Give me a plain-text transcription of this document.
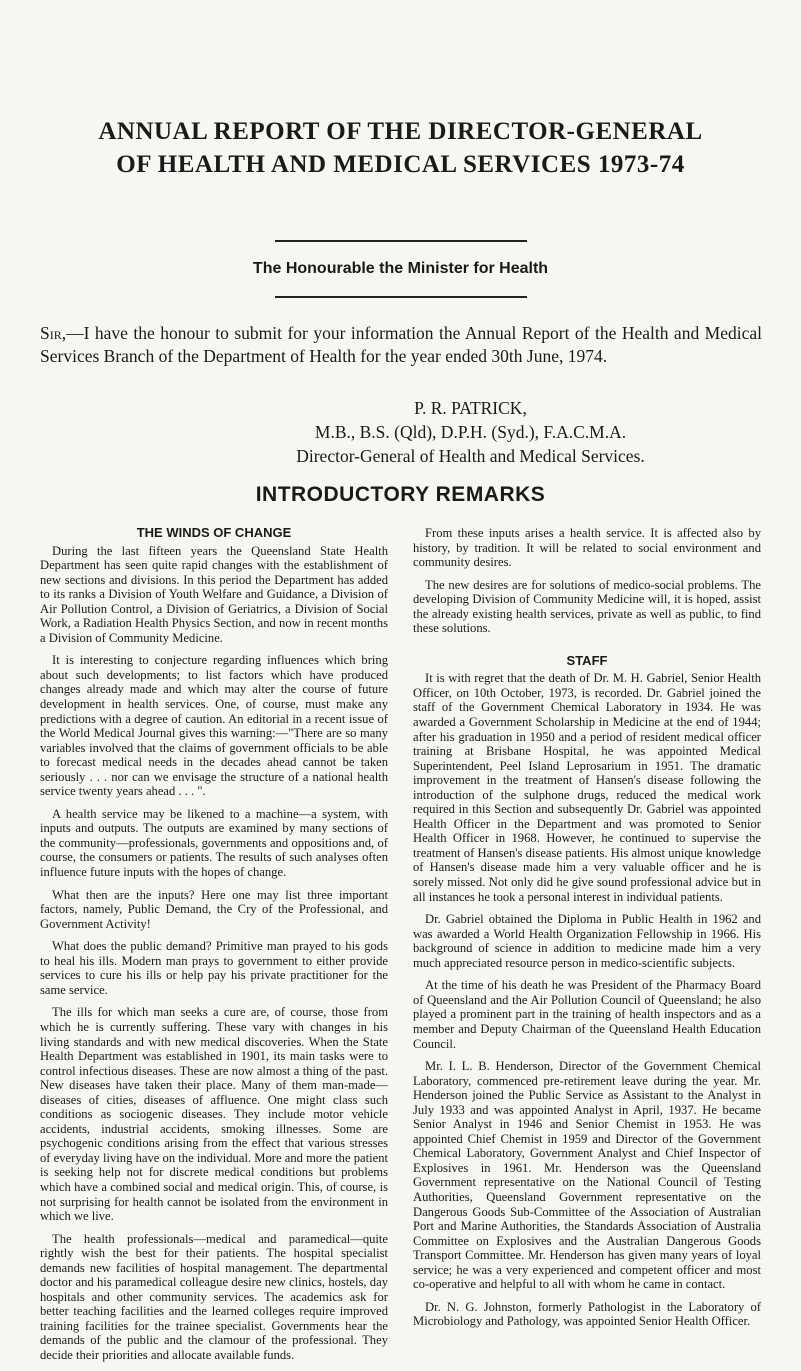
ANNUAL REPORT OF THE DIRECTOR-GENERAL
OF HEALTH AND MEDICAL SERVICES 1973-74

The Honourable the Minister for Health

Sir,—I have the honour to submit for your information the Annual Report of the Health and Medical Services Branch of the Department of Health for the year ended 30th June, 1974.

P. R. PATRICK,

M.B., B.S. (Qld), D.P.H. (Syd.), F.A.C.M.A.

Director-General of Health and Medical Services.

INTRODUCTORY REMARKS
THE WINDS OF CHANGE

During the last fifteen years the Queensland State Health Department has seen quite rapid changes with the establishment of new sections and divisions. In this period the Department has added to its ranks a Division of Youth Welfare and Guidance, a Division of Air Pollution Control, a Division of Geriatrics, a Division of Social Work, a Radiation Health Physics Section, and now in recent months a Division of Community Medicine.

It is interesting to conjecture regarding influences which bring about such developments; to list factors which have produced changes already made and which may alter the course of future development in health services. One, of course, must make any predictions with a degree of caution. An editorial in a recent issue of the World Medical Journal gives this warning:—"There are so many variables involved that the claims of government officials to be able to forecast medical needs in the decades ahead cannot be taken seriously . . . nor can we envisage the structure of a national health service twenty years ahead . . . ".

A health service may be likened to a machine—a system, with inputs and outputs. The outputs are examined by many sections of the community—professionals, governments and oppositions and, of course, the consumers or patients. The results of such analyses often influence future inputs with the hopes of change.

What then are the inputs? Here one may list three important factors, namely, Public Demand, the Cry of the Professional, and Government Activity!

What does the public demand? Primitive man prayed to his gods to heal his ills. Modern man prays to government to either provide services to cure his ills or help pay his private practitioner for the same service.

The ills for which man seeks a cure are, of course, those from which he is currently suffering. These vary with changes in his living standards and with new medical discoveries. When the State Health Department was established in 1901, its main tasks were to control infectious diseases. These are now almost a thing of the past. New diseases have taken their place. Many of them man-made—diseases of cities, diseases of affluence. One might class such conditions as sociogenic diseases. They include motor vehicle accidents, industrial accidents, smoking illnesses. Some are psychogenic conditions arising from the effect that various stresses of everyday living have on the individual. More and more the patient is seeking help not for discrete medical conditions but problems which have a combined social and medical origin. This, of course, is not surprising for health cannot be isolated from the environment in which we live.

The health professionals—medical and paramedical—quite rightly wish the best for their patients. The hospital specialist demands new facilities of hospital management. The departmental doctor and his paramedical colleague desire new clinics, hostels, day hospitals and other community services. The academics ask for better teaching facilities and the learned colleges require improved training facilities for the trainee specialist. Governments hear the demands of the public and the clamour of the professional. They decide their priorities and allocate available funds.

From these inputs arises a health service. It is affected also by history, by tradition. It will be related to social environment and community desires.

The new desires are for solutions of medico-social problems. The developing Division of Community Medicine will, it is hoped, assist the already existing health services, private as well as public, to find these solutions.

STAFF

It is with regret that the death of Dr. M. H. Gabriel, Senior Health Officer, on 10th October, 1973, is recorded. Dr. Gabriel joined the staff of the Government Chemical Laboratory in 1934. He was awarded a Government Scholarship in Medicine at the end of 1944; after his graduation in 1950 and a period of resident medical officer training at Brisbane Hospital, he was appointed Medical Superintendent, Peel Island Leprosarium in 1951. The dramatic improvement in the treatment of Hansen's disease following the introduction of the sulphone drugs, reduced the medical work required in this Section and subsequently Dr. Gabriel was appointed Health Officer in the Department and was promoted to Senior Health Officer in 1968. However, he continued to supervise the treatment of Hansen's disease patients. His almost unique knowledge of Hansen's disease made him a very valuable officer and he is sorely missed. Not only did he give sound professional advice but in all instances he took a personal interest in individual patients.

Dr. Gabriel obtained the Diploma in Public Health in 1962 and was awarded a World Health Organization Fellowship in 1966. His background of science in addition to medicine made him a very much appreciated resource person in medico-scientific subjects.

At the time of his death he was President of the Pharmacy Board of Queensland and the Air Pollution Council of Queensland; he also played a prominent part in the training of health inspectors and as a member and Deputy Chairman of the Queensland Health Education Council.

Mr. I. L. B. Henderson, Director of the Government Chemical Laboratory, commenced pre-retirement leave during the year. Mr. Henderson joined the Public Service as Assistant to the Analyst in July 1933 and was appointed Analyst in April, 1937. He became Senior Analyst in 1946 and Senior Chemist in 1953. He was appointed Chief Chemist in 1959 and Director of the Government Chemical Laboratory, Government Analyst and Chief Inspector of Explosives in 1961. Mr. Henderson was the Queensland Government representative on the National Council of Testing Authorities, Queensland Government representative on the Dangerous Goods Sub-Committee of the Association of Australian Port and Marine Authorities, the Standards Association of Australia Committee on Explosives and the Australian Dangerous Goods Transport Committee. Mr. Henderson has given many years of loyal service; he was a very experienced and competent officer and most co-operative and helpful to all with whom he came in contact.

Dr. N. G. Johnston, formerly Pathologist in the Laboratory of Microbiology and Pathology, was appointed Senior Health Officer.
